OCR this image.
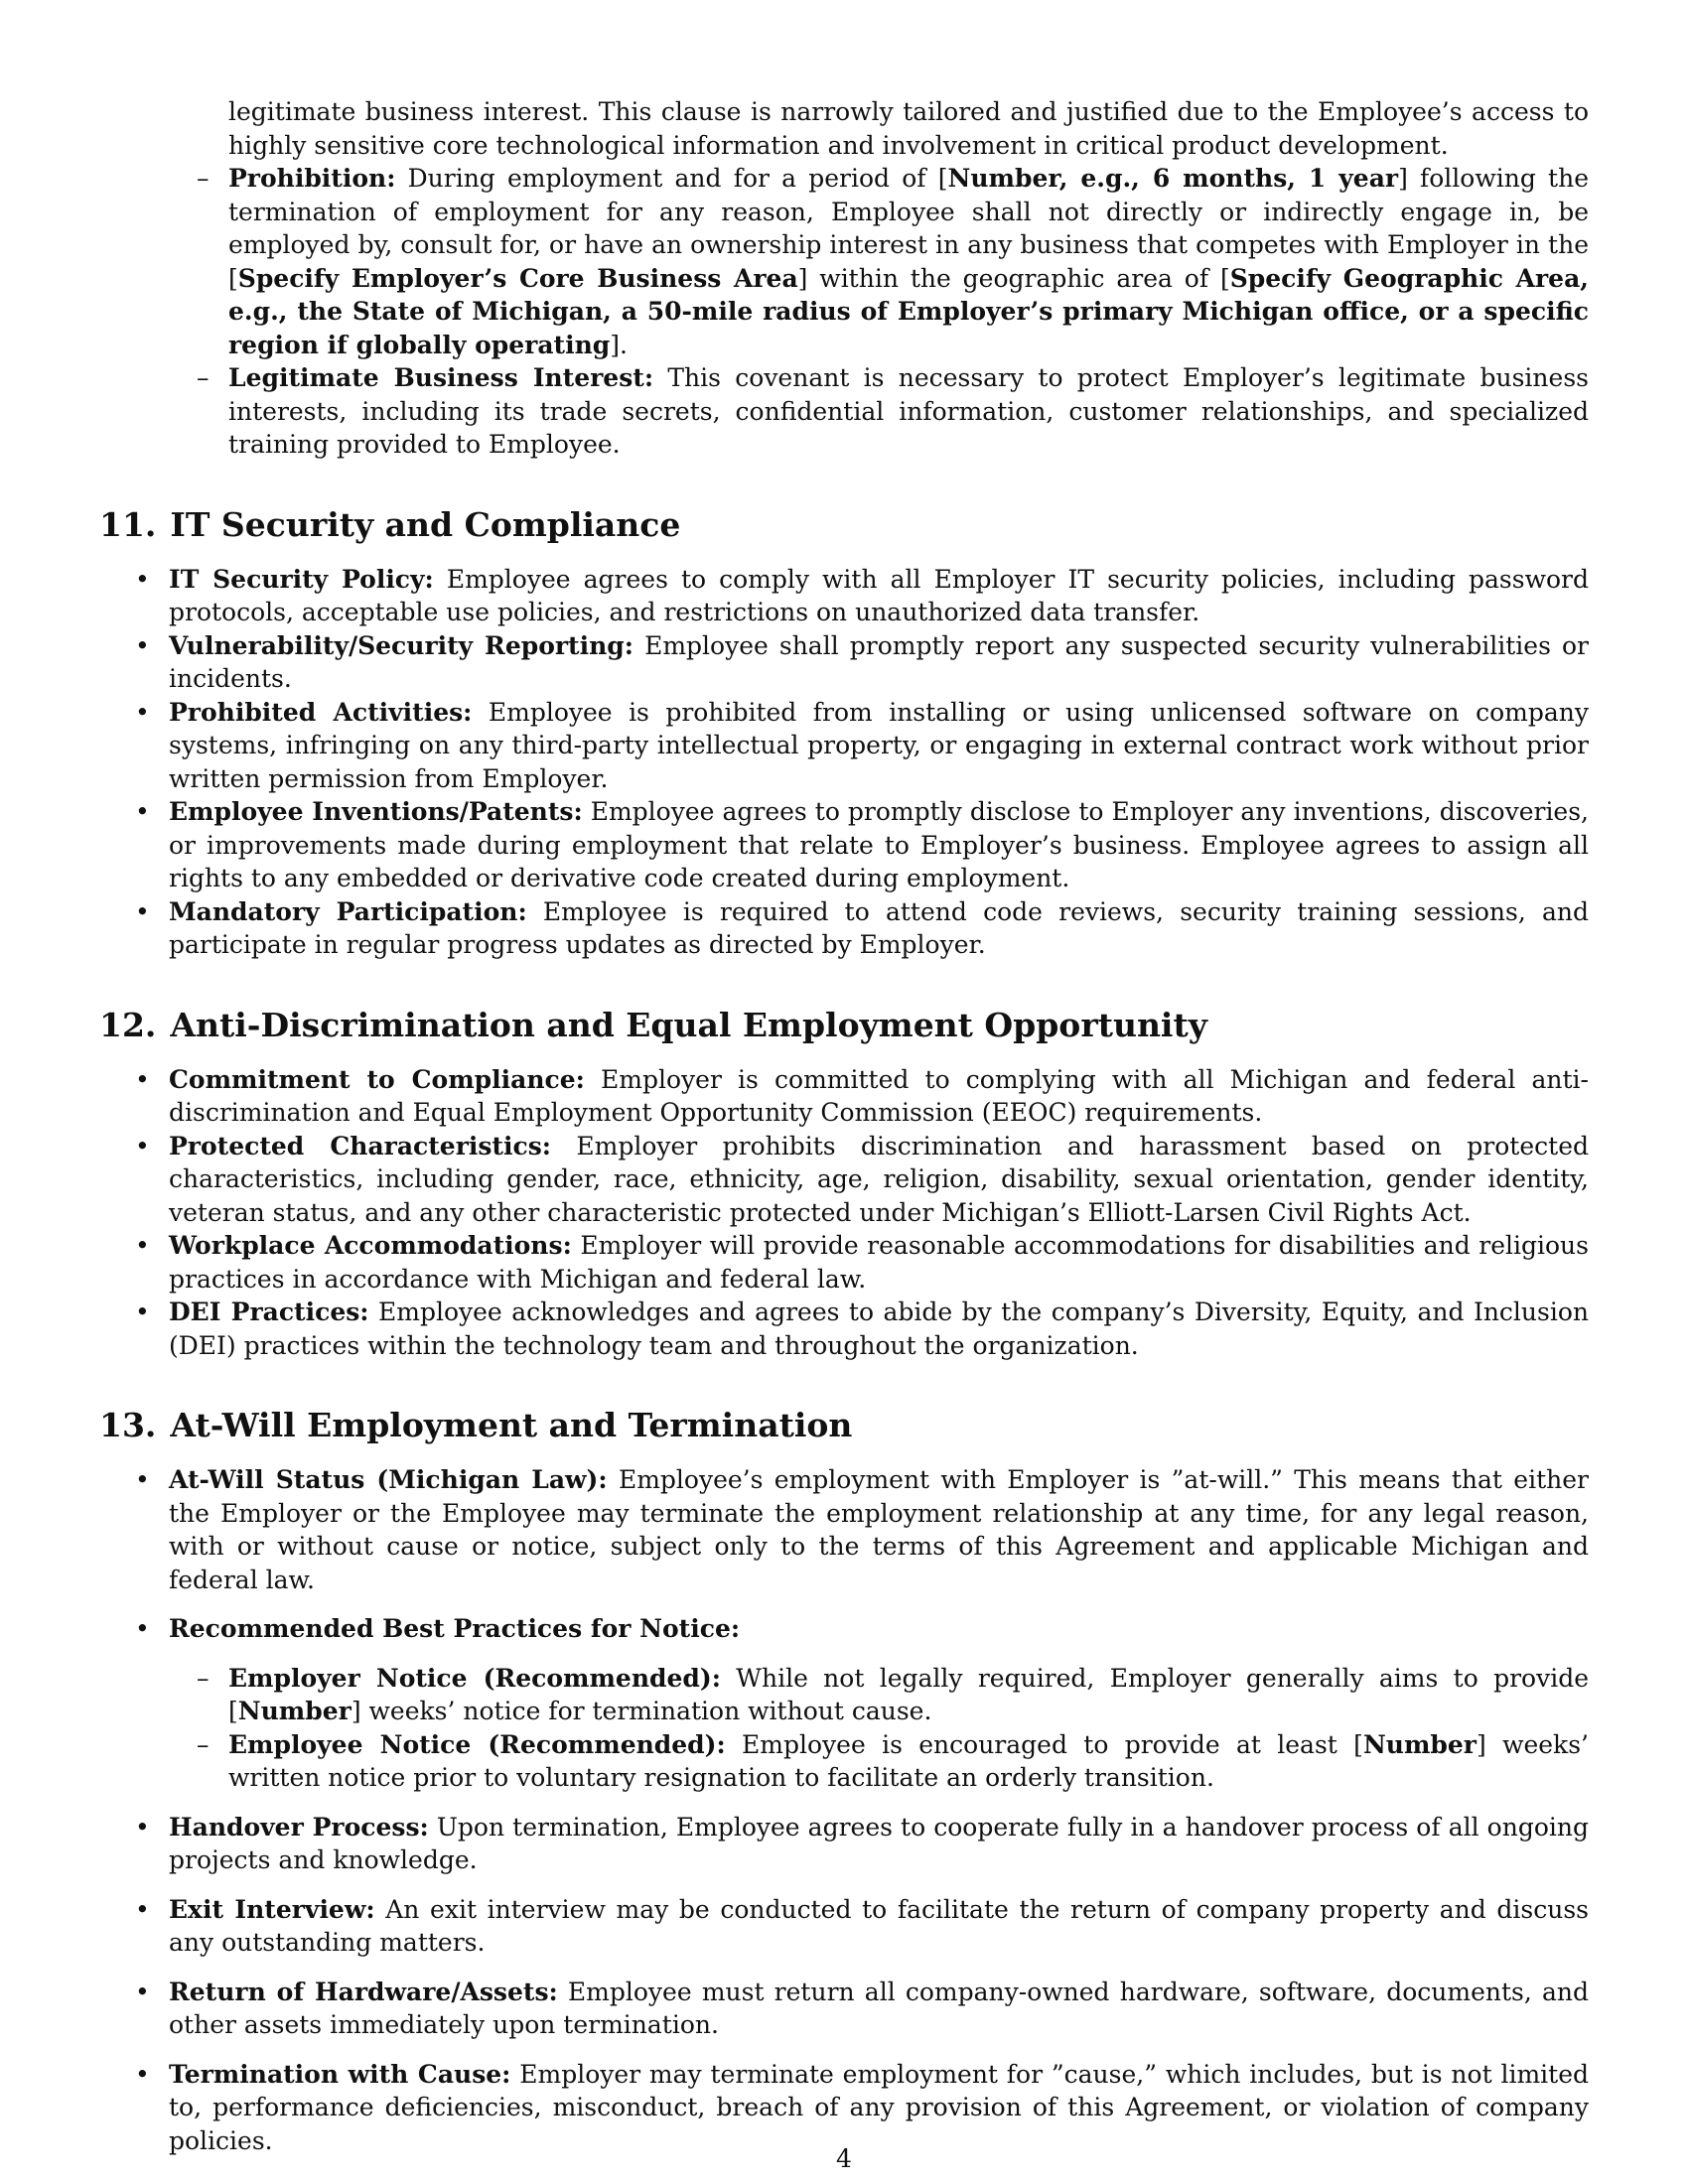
legitimate business interest. This clause is narrowly tailored and justified due to the Employee’s access to highly sensitive core technological information and involvement in critical product development.

– Prohibition: During employment and for a period of [Number, e.g., 6 months, 1 year] following the termination of employment for any reason, Employee shall not directly or indirectly engage in, be employed by, consult for, or have an ownership interest in any business that competes with Employer in the [Specify Employer’s Core Business Area] within the geographic area of [Specify Geographic Area, e.g., the State of Michigan, a 50-mile radius of Employer’s primary Michigan office, or a specific region if globally operating].

– Legitimate Business Interest: This covenant is necessary to protect Employer’s legitimate business interests, including its trade secrets, confidential information, customer relationships, and specialized training provided to Employee.

11. IT Security and Compliance
• IT Security Policy: Employee agrees to comply with all Employer IT security policies, including password protocols, acceptable use policies, and restrictions on unauthorized data transfer.

• Vulnerability/Security Reporting: Employee shall promptly report any suspected security vulnerabilities or incidents.

• Prohibited Activities: Employee is prohibited from installing or using unlicensed software on company systems, infringing on any third-party intellectual property, or engaging in external contract work without prior written permission from Employer.

• Employee Inventions/Patents: Employee agrees to promptly disclose to Employer any inventions, discoveries, or improvements made during employment that relate to Employer’s business. Employee agrees to assign all rights to any embedded or derivative code created during employment.

• Mandatory Participation: Employee is required to attend code reviews, security training sessions, and participate in regular progress updates as directed by Employer.

12. Anti-Discrimination and Equal Employment Opportunity
• Commitment to Compliance: Employer is committed to complying with all Michigan and federal anti-discrimination and Equal Employment Opportunity Commission (EEOC) requirements.

• Protected Characteristics: Employer prohibits discrimination and harassment based on protected characteristics, including gender, race, ethnicity, age, religion, disability, sexual orientation, gender identity, veteran status, and any other characteristic protected under Michigan’s Elliott-Larsen Civil Rights Act.

• Workplace Accommodations: Employer will provide reasonable accommodations for disabilities and religious practices in accordance with Michigan and federal law.

• DEI Practices: Employee acknowledges and agrees to abide by the company’s Diversity, Equity, and Inclusion (DEI) practices within the technology team and throughout the organization.

13. At-Will Employment and Termination
• At-Will Status (Michigan Law): Employee’s employment with Employer is ”at-will.” This means that either the Employer or the Employee may terminate the employment relationship at any time, for any legal reason, with or without cause or notice, subject only to the terms of this Agreement and applicable Michigan and federal law.

• Recommended Best Practices for Notice:

– Employer Notice (Recommended): While not legally required, Employer generally aims to provide [Number] weeks’ notice for termination without cause.

– Employee Notice (Recommended): Employee is encouraged to provide at least [Number] weeks’ written notice prior to voluntary resignation to facilitate an orderly transition.

• Handover Process: Upon termination, Employee agrees to cooperate fully in a handover process of all ongoing projects and knowledge.

• Exit Interview: An exit interview may be conducted to facilitate the return of company property and discuss any outstanding matters.

• Return of Hardware/Assets: Employee must return all company-owned hardware, software, documents, and other assets immediately upon termination.

• Termination with Cause: Employer may terminate employment for ”cause,” which includes, but is not limited to, performance deficiencies, misconduct, breach of any provision of this Agreement, or violation of company policies.

4
